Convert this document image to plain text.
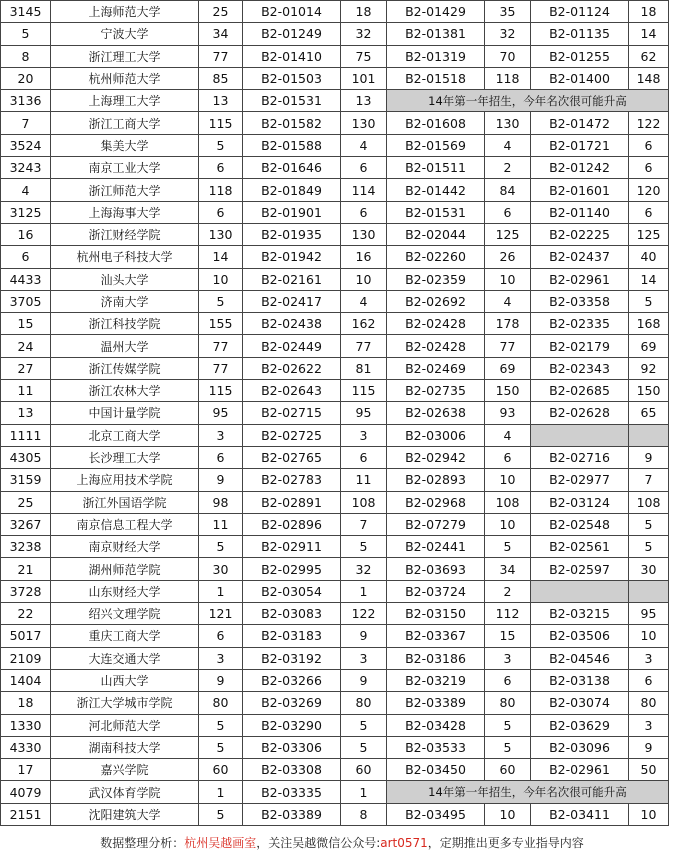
3145	上海师范大学	25	B2-01014	18	B2-01429	35	B2-01124	18
5	宁波大学	34	B2-01249	32	B2-01381	32	B2-01135	14
8	浙江理工大学	77	B2-01410	75	B2-01319	70	B2-01255	62
20	杭州师范大学	85	B2-01503	101	B2-01518	118	B2-01400	148
3136	上海理工大学	13	B2-01531	13	14年第一年招生，今年名次很可能升高			
7	浙江工商大学	115	B2-01582	130	B2-01608	130	B2-01472	122
3524	集美大学	5	B2-01588	4	B2-01569	4	B2-01721	6
3243	南京工业大学	6	B2-01646	6	B2-01511	2	B2-01242	6
4	浙江师范大学	118	B2-01849	114	B2-01442	84	B2-01601	120
3125	上海海事大学	6	B2-01901	6	B2-01531	6	B2-01140	6
16	浙江财经学院	130	B2-01935	130	B2-02044	125	B2-02225	125
6	杭州电子科技大学	14	B2-01942	16	B2-02260	26	B2-02437	40
4433	汕头大学	10	B2-02161	10	B2-02359	10	B2-02961	14
3705	济南大学	5	B2-02417	4	B2-02692	4	B2-03358	5
15	浙江科技学院	155	B2-02438	162	B2-02428	178	B2-02335	168
24	温州大学	77	B2-02449	77	B2-02428	77	B2-02179	69
27	浙江传媒学院	77	B2-02622	81	B2-02469	69	B2-02343	92
11	浙江农林大学	115	B2-02643	115	B2-02735	150	B2-02685	150
13	中国计量学院	95	B2-02715	95	B2-02638	93	B2-02628	65
1111	北京工商大学	3	B2-02725	3	B2-03006	4		
4305	长沙理工大学	6	B2-02765	6	B2-02942	6	B2-02716	9
3159	上海应用技术学院	9	B2-02783	11	B2-02893	10	B2-02977	7
25	浙江外国语学院	98	B2-02891	108	B2-02968	108	B2-03124	108
3267	南京信息工程大学	11	B2-02896	7	B2-07279	10	B2-02548	5
3238	南京财经大学	5	B2-02911	5	B2-02441	5	B2-02561	5
21	湖州师范学院	30	B2-02995	32	B2-03693	34	B2-02597	30
3728	山东财经大学	1	B2-03054	1	B2-03724	2		
22	绍兴文理学院	121	B2-03083	122	B2-03150	112	B2-03215	95
5017	重庆工商大学	6	B2-03183	9	B2-03367	15	B2-03506	10
2109	大连交通大学	3	B2-03192	3	B2-03186	3	B2-04546	3
1404	山西大学	9	B2-03266	9	B2-03219	6	B2-03138	6
18	浙江大学城市学院	80	B2-03269	80	B2-03389	80	B2-03074	80
1330	河北师范大学	5	B2-03290	5	B2-03428	5	B2-03629	3
4330	湖南科技大学	5	B2-03306	5	B2-03533	5	B2-03096	9
17	嘉兴学院	60	B2-03308	60	B2-03450	60	B2-02961	50
4079	武汉体育学院	1	B2-03335	1	14年第一年招生，今年名次很可能升高			
2151	沈阳建筑大学	5	B2-03389	8	B2-03495	10	B2-03411	10
数据整理分析：杭州吴越画室，关注吴越微信公众号:art0571，定期推出更多专业指导内容
